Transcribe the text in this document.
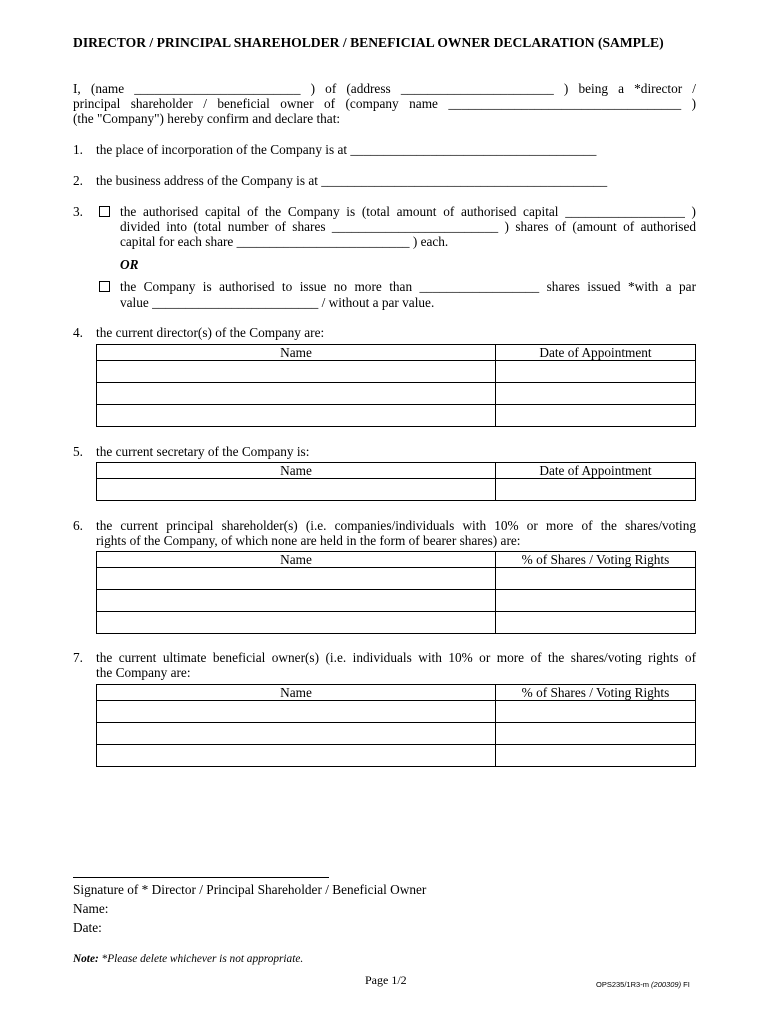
DIRECTOR / PRINCIPAL SHAREHOLDER / BENEFICIAL OWNER DECLARATION (SAMPLE)
I, (name _________________________ ) of (address _______________________ ) being a *director /
principal shareholder / beneficial owner of (company name ___________________________________ )
(the "Company") hereby confirm and declare that:
1. the place of incorporation of the Company is at _____________________________________
2. the business address of the Company is at ___________________________________________
3.	the authorised capital of the Company is (total amount of authorised capital __________________ )
divided into (total number of shares _________________________ ) shares of (amount of authorised
capital for each share __________________________ ) each.
OR
the Company is authorised to issue no more than __________________ shares issued *with a par
value _________________________ / without a par value.
4. the current director(s) of the Company are:
Name	Date of Appointment

5. the current secretary of the Company is:
Name	Date of Appointment

6. the current principal shareholder(s) (i.e. companies/individuals with 10% or more of the shares/voting
rights of the Company, of which none are held in the form of bearer shares) are:
Name	% of Shares / Voting Rights

7. the current ultimate beneficial owner(s) (i.e. individuals with 10% or more of the shares/voting rights of
the Company are:
Name	% of Shares / Voting Rights

Signature of * Director / Principal Shareholder / Beneficial Owner
Name:
Date:
Note: *Please delete whichever is not appropriate.
Page 1/2	OPS235/1R3-m (200309) FI
